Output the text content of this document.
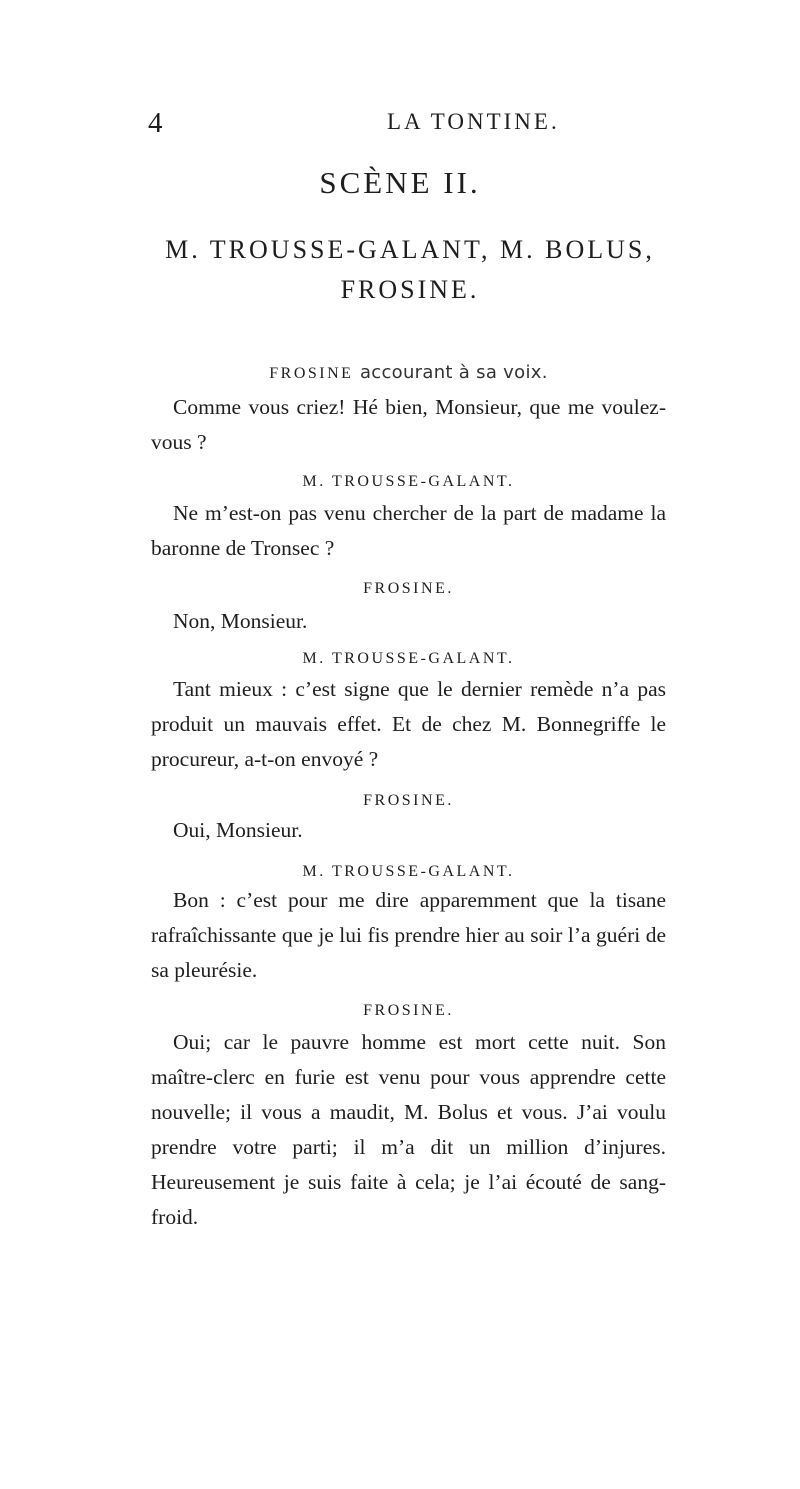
4	LA TONTINE.
SCÈNE II.
M. TROUSSE-GALANT, M. BOLUS,
FROSINE.

FROSINE accourant à sa voix.

Comme vous criez! Hé bien, Monsieur, que me voulez-vous ?

M. TROUSSE-GALANT.

Ne m’est-on pas venu chercher de la part de madame la baronne de Tronsec ?

FROSINE.

Non, Monsieur.

M. TROUSSE-GALANT.

Tant mieux : c’est signe que le dernier remède n’a pas produit un mauvais effet. Et de chez M. Bonnegriffe le procureur, a-t-on envoyé ?

FROSINE.

Oui, Monsieur.

M. TROUSSE-GALANT.

Bon : c’est pour me dire apparemment que la tisane rafraîchissante que je lui fis prendre hier au soir l’a guéri de sa pleurésie.

FROSINE.

Oui; car le pauvre homme est mort cette nuit. Son maître-clerc en furie est venu pour vous apprendre cette nouvelle; il vous a maudit, M. Bolus et vous. J’ai voulu prendre votre parti; il m’a dit un million d’injures. Heureusement je suis faite à cela; je l’ai écouté de sang-froid.
